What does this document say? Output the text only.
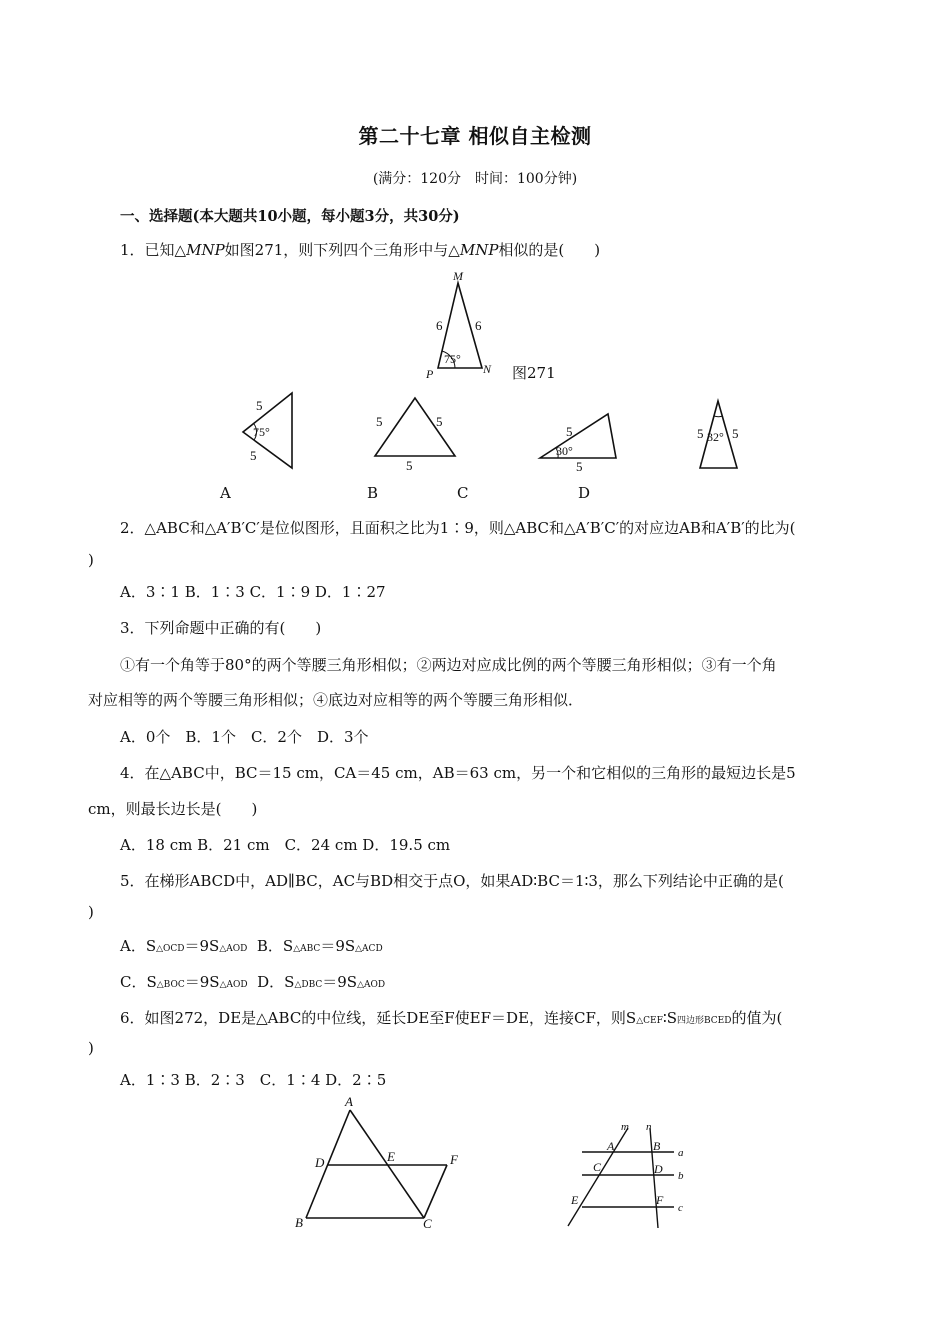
第二十七章 相似自主检测
(满分：120分　时间：100分钟)
一、选择题(本大题共10小题，每小题3分，共30分)
1．已知△MNP如图271，则下列四个三角形中与△MNP相似的是(　　)
M
P	N
6	6
75°
图271
5
5
75°
5	5
5
5
5
30°
5 5
32°
A	B	C	D
2．△ABC和△A′B′C′是位似图形，且面积之比为1∶9，则△ABC和△A′B′C′的对应边AB和A′B′的比为(
)
A．3∶1 B．1∶3 C．1∶9 D．1∶27
3．下列命题中正确的有(　　)
①有一个角等于80°的两个等腰三角形相似；②两边对应成比例的两个等腰三角形相似；③有一个角
对应相等的两个等腰三角形相似；④底边对应相等的两个等腰三角形相似．
A．0个　B．1个　C．2个　D．3个
4．在△ABC中，BC＝15 cm，CA＝45 cm，AB＝63 cm，另一个和它相似的三角形的最短边长是5
cm，则最长边长是(　　)
A．18 cm B．21 cm　C．24 cm D．19.5 cm
5．在梯形ABCD中，AD∥BC，AC与BD相交于点O，如果AD∶BC＝1∶3，那么下列结论中正确的是(
)
A．S△OCD＝9S△AOD B．S△ABC＝9S△ACD
C．S△BOC＝9S△AOD D．S△DBC＝9S△AOD
6．如图272，DE是△ABC的中位线，延长DE至F使EF＝DE，连接CF，则S△CEF∶S四边形BCED的值为(
)
A．1∶3 B．2∶3　C．1∶4 D．2∶5
A
D	E	F
B	C
m n
A	B a
C	D b
E	F
c
